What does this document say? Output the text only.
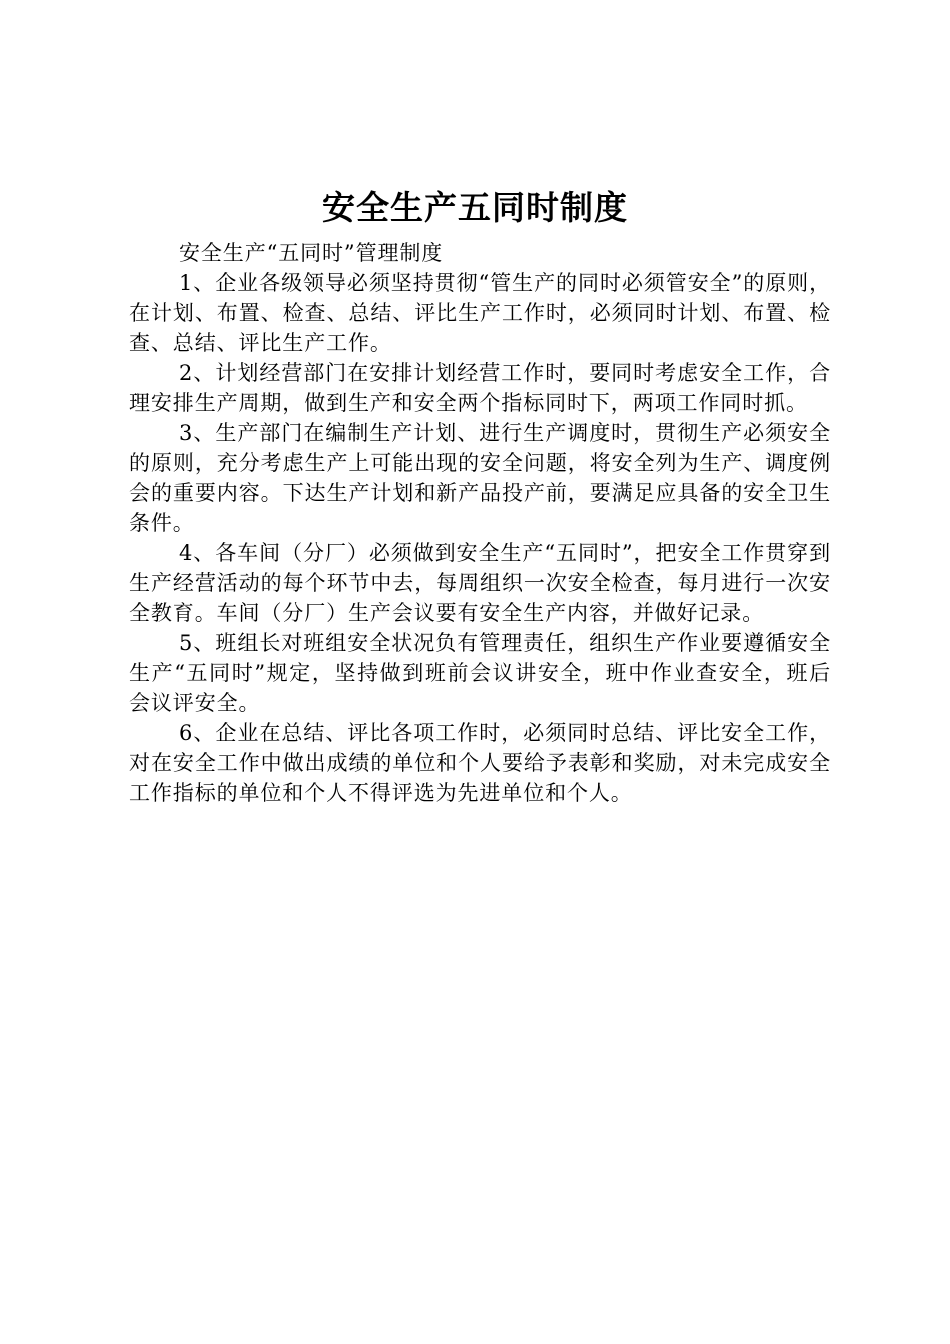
安全生产五同时制度

安全生产“五同时”管理制度

1、企业各级领导必须坚持贯彻“管生产的同时必须管安全”的原则，在计划、布置、检查、总结、评比生产工作时，必须同时计划、布置、检查、总结、评比生产工作。

2、计划经营部门在安排计划经营工作时，要同时考虑安全工作，合理安排生产周期，做到生产和安全两个指标同时下，两项工作同时抓。

3、生产部门在编制生产计划、进行生产调度时，贯彻生产必须安全的原则，充分考虑生产上可能出现的安全问题，将安全列为生产、调度例会的重要内容。下达生产计划和新产品投产前，要满足应具备的安全卫生条件。

4、各车间（分厂）必须做到安全生产“五同时”，把安全工作贯穿到生产经营活动的每个环节中去，每周组织一次安全检查，每月进行一次安全教育。车间（分厂）生产会议要有安全生产内容，并做好记录。

5、班组长对班组安全状况负有管理责任，组织生产作业要遵循安全生产“五同时”规定，坚持做到班前会议讲安全，班中作业查安全，班后会议评安全。

6、企业在总结、评比各项工作时，必须同时总结、评比安全工作，对在安全工作中做出成绩的单位和个人要给予表彰和奖励，对未完成安全工作指标的单位和个人不得评选为先进单位和个人。
